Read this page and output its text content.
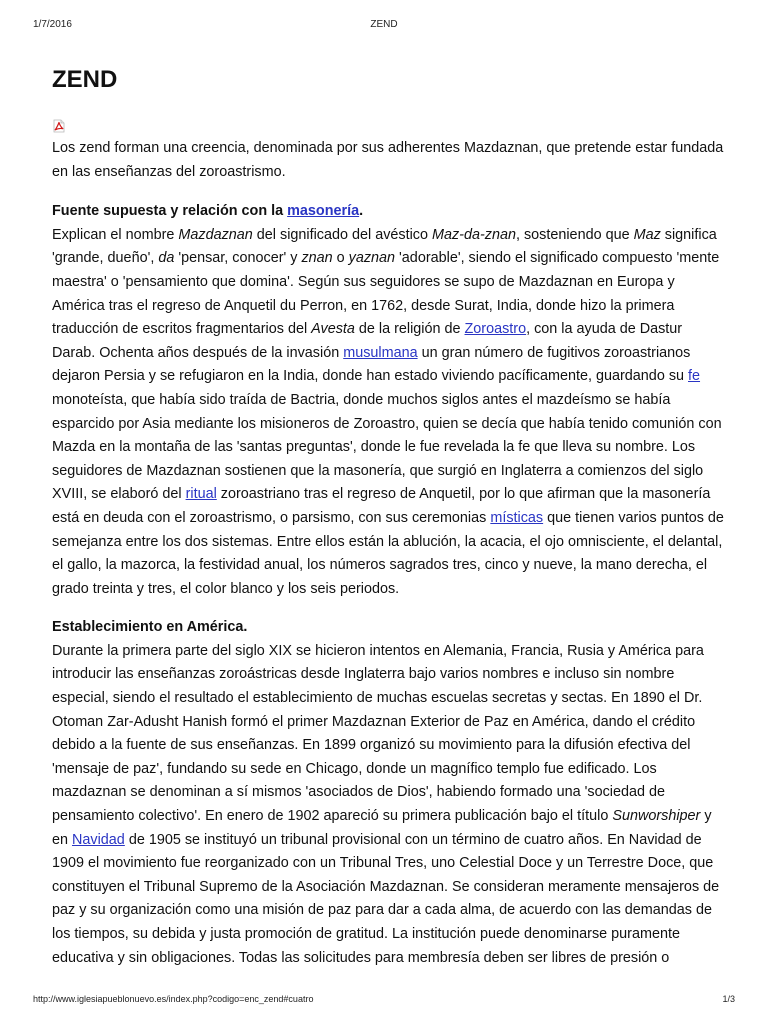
1/7/2016	ZEND
ZEND

Los zend forman una creencia, denominada por sus adherentes Mazdaznan, que pretende estar fundada en las enseñanzas del zoroastrismo.

Fuente supuesta y relación con la masonería.

Explican el nombre Mazdaznan del significado del avéstico Maz-da-znan, sosteniendo que Maz significa 'grande, dueño', da 'pensar, conocer' y znan o yaznan 'adorable', siendo el significado compuesto 'mente maestra' o 'pensamiento que domina'. Según sus seguidores se supo de Mazdaznan en Europa y América tras el regreso de Anquetil du Perron, en 1762, desde Surat, India, donde hizo la primera traducción de escritos fragmentarios del Avesta de la religión de Zoroastro, con la ayuda de Dastur Darab. Ochenta años después de la invasión musulmana un gran número de fugitivos zoroastrianos dejaron Persia y se refugiaron en la India, donde han estado viviendo pacíficamente, guardando su fe monoteísta, que había sido traída de Bactria, donde muchos siglos antes el mazdeísmo se había esparcido por Asia mediante los misioneros de Zoroastro, quien se decía que había tenido comunión con Mazda en la montaña de las 'santas preguntas', donde le fue revelada la fe que lleva su nombre. Los seguidores de Mazdaznan sostienen que la masonería, que surgió en Inglaterra a comienzos del siglo XVIII, se elaboró del ritual zoroastriano tras el regreso de Anquetil, por lo que afirman que la masonería está en deuda con el zoroastrismo, o parsismo, con sus ceremonias místicas que tienen varios puntos de semejanza entre los dos sistemas. Entre ellos están la ablución, la acacia, el ojo omnisciente, el delantal, el gallo, la mazorca, la festividad anual, los números sagrados tres, cinco y nueve, la mano derecha, el grado treinta y tres, el color blanco y los seis periodos.

Establecimiento en América.

Durante la primera parte del siglo XIX se hicieron intentos en Alemania, Francia, Rusia y América para introducir las enseñanzas zoroástricas desde Inglaterra bajo varios nombres e incluso sin nombre especial, siendo el resultado el establecimiento de muchas escuelas secretas y sectas. En 1890 el Dr. Otoman Zar-Adusht Hanish formó el primer Mazdaznan Exterior de Paz en América, dando el crédito debido a la fuente de sus enseñanzas. En 1899 organizó su movimiento para la difusión efectiva del 'mensaje de paz', fundando su sede en Chicago, donde un magnífico templo fue edificado. Los mazdaznan se denominan a sí mismos 'asociados de Dios', habiendo formado una 'sociedad de pensamiento colectivo'. En enero de 1902 apareció su primera publicación bajo el título Sunworshiper y en Navidad de 1905 se instituyó un tribunal provisional con un término de cuatro años. En Navidad de 1909 el movimiento fue reorganizado con un Tribunal Tres, uno Celestial Doce y un Terrestre Doce, que constituyen el Tribunal Supremo de la Asociación Mazdaznan. Se consideran meramente mensajeros de paz y su organización como una misión de paz para dar a cada alma, de acuerdo con las demandas de los tiempos, su debida y justa promoción de gratitud. La institución puede denominarse puramente educativa y sin obligaciones. Todas las solicitudes para membresía deben ser libres de presión o

http://www.iglesiapueblonuevo.es/index.php?codigo=enc_zend#cuatro	1/3
